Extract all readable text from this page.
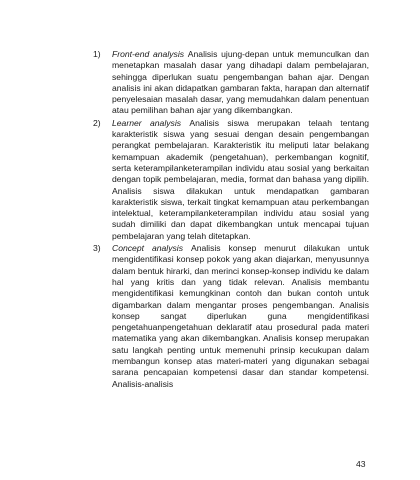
1) Front-end analysis Analisis ujung-depan untuk memunculkan dan menetapkan masalah dasar yang dihadapi dalam pembelajaran, sehingga diperlukan suatu pengembangan bahan ajar. Dengan analisis ini akan didapatkan gambaran fakta, harapan dan alternatif penyelesaian masalah dasar, yang memudahkan dalam penentuan atau pemilihan bahan ajar yang dikembangkan.
2) Learner analysis Analisis siswa merupakan telaah tentang karakteristik siswa yang sesuai dengan desain pengembangan perangkat pembelajaran. Karakteristik itu meliputi latar belakang kemampuan akademik (pengetahuan), perkembangan kognitif, serta keterampilanketerampilan individu atau sosial yang berkaitan dengan topik pembelajaran, media, format dan bahasa yang dipilih. Analisis siswa dilakukan untuk mendapatkan gambaran karakteristik siswa, terkait tingkat kemampuan atau perkembangan intelektual, keterampilanketerampilan individu atau sosial yang sudah dimiliki dan dapat dikembangkan untuk mencapai tujuan pembelajaran yang telah ditetapkan.
3) Concept analysis Analisis konsep menurut dilakukan untuk mengidentifikasi konsep pokok yang akan diajarkan, menyusunnya dalam bentuk hirarki, dan merinci konsep-konsep individu ke dalam hal yang kritis dan yang tidak relevan. Analisis membantu mengidentifikasi kemungkinan contoh dan bukan contoh untuk digambarkan dalam mengantar proses pengembangan. Analisis konsep sangat diperlukan guna mengidentifikasi pengetahuanpengetahuan deklaratif atau prosedural pada materi matematika yang akan dikembangkan. Analisis konsep merupakan satu langkah penting untuk memenuhi prinsip kecukupan dalam membangun konsep atas materi-materi yang digunakan sebagai sarana pencapaian kompetensi dasar dan standar kompetensi. Analisis-analisis
43
